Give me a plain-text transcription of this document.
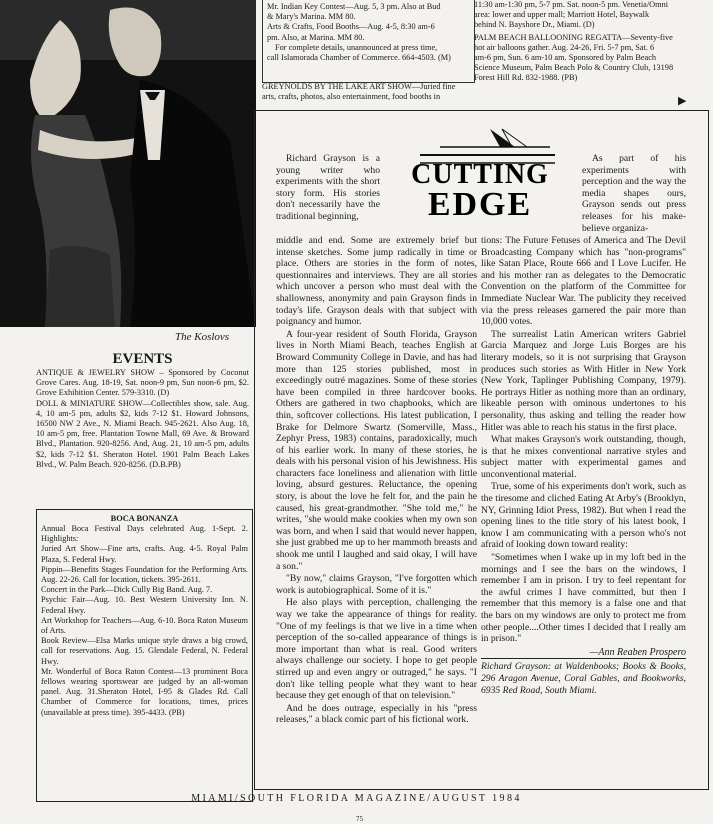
The Koslovs
Mr. Indian Key Contest—Aug. 5, 3 pm. Also at Bud
& Mary's Marina. MM 80.
Arts & Crafts, Food Booths—Aug. 4-5, 8:30 am-6
pm. Also, at Marina. MM 80.
For complete details, unannounced at press time,
call Islamorada Chamber of Commerce. 664-4503. (M)
GREYNOLDS BY THE LAKE ART SHOW—Juried fine
arts, crafts, photos, also entertainment, food booths in
11:30 am-1:30 pm, 5-7 pm. Sat. noon-5 pm. Venetia/Omni
area: lower and upper mall; Marriott Hotel, Baywalk
behind N. Bayshore Dr., Miami. (D)
PALM BEACH BALLOONING REGATTA—Seventy-five
hot air balloons gather. Aug. 24-26, Fri. 5-7 pm, Sat. 6
am-6 pm, Sun. 6 am-10 am. Sponsored by Palm Beach
Science Museum, Palm Beach Polo & Country Club, 13198
Forest Hill Rd. 832-1988. (PB)
▶
EVENTS

ANTIQUE & JEWELRY SHOW – Sponsored by Coconut Grove Cares. Aug. 18-19, Sat. noon-9 pm, Sun noon-6 pm, $2. Grove Exhibition Center. 579-3310. (D)

DOLL & MINIATURE SHOW—Collectibles show, sale. Aug. 4, 10 am-5 pm, adults $2, kids 7-12 $1. Howard Johnsons, 16500 NW 2 Ave., N. Miami Beach. 945-2621. Also Aug. 18, 10 am-5 pm, free. Plantation Towne Mall, 69 Ave. & Broward Blvd., Plantation. 920-8256. And, Aug. 21, 10 am-5 pm, adults $2, kids 7-12 $1. Sheraton Hotel. 1901 Palm Beach Lakes Blvd., W. Palm Beach. 920-8256. (D.B.PB)

BOCA BONANZA

Annual Boca Festival Days celebrated Aug. 1-Sept. 2. Highlights:

Juried Art Show—Fine arts, crafts. Aug. 4-5. Royal Palm Plaza, S. Federal Hwy.

Pippin—Benefits Stages Foundation for the Performing Arts. Aug. 22-26. Call for location, tickets. 395-2611.

Concert in the Park—Dick Cully Big Band. Aug. 7.

Psychic Fair—Aug. 10. Best Western University Inn. N. Federal Hwy.

Art Workshop for Teachers—Aug. 6-10. Boca Raton Museum of Arts.

Book Review—Elsa Marks unique style draws a big crowd, call for reservations. Aug. 15. Glendale Federal, N. Federal Hwy.

Mr. Wonderful of Boca Raton Contest—13 prominent Boca fellows wearing sportswear are judged by an all-woman panel. Aug. 31.Sheraton Hotel, I-95 & Glades Rd. Call Chamber of Commerce for locations, times, prices (unavailable at press time). 395-4433. (PB)

CUTTING
EDGE

Richard Grayson is a young writer who experiments with the short story form. His stories don't necessarily have the traditional beginning,

middle and end. Some are extremely brief but intense sketches. Some jump radically in time or place. Others are stories in the form of notes, questionnaires and interviews. They are all stories which uncover a person who must deal with the shallowness, anonymity and pain Grayson finds in today's life. Grayson deals with that subject with poignancy and humor.

A four-year resident of South Florida, Grayson lives in North Miami Beach, teaches English at Broward Community College in Davie, and has had more than 125 stories published, most in exceedingly outré magazines. Some of these stories have been compiled in three hardcover books. Others are gathered in two chapbooks, which are thin, softcover collections. His latest publication, I Brake for Delmore Swartz (Somerville, Mass., Zephyr Press, 1983) contains, paradoxically, much of his earlier work. In many of these stories, he deals with his personal vision of his Jewishness. His characters face loneliness and alienation with little loving, absurd gestures. Reluctance, the opening story, is about the love he felt for, and the pain he caused, his great-grandmother. "She told me," he writes, "she would make cookies when my own son was born, and when I said that would never happen, she just grabbed me up to her mammoth breasts and shook me until I laughed and said okay, I will have a son."

"By now," claims Grayson, "I've forgotten which work is autobiographical. Some of it is."

He also plays with perception, challenging the way we take the appearance of things for reality. "One of my feelings is that we live in a time when perception of the so-called appearance of things is more important than what is real. Good writers always challenge our society. I hope to get people stirred up and even angry or outraged," he says. "I don't like telling people what they want to hear because they get enough of that on television."

And he does outrage, especially in his "press releases," a black comic part of his fictional work.

As part of his experiments with perception and the way the media shapes ours, Grayson sends out press releases for his make-believe organiza-

tions: The Future Fetuses of America and The Devil Broadcasting Company which has "non-programs" like Satan Place, Route 666 and I Love Lucifer. He and his mother ran as delegates to the Democratic Convention on the platform of the Committee for Immediate Nuclear War. The publicity they received via the press releases garnered the pair more than 10,000 votes.

The surrealist Latin American writers Gabriel Garcia Marquez and Jorge Luis Borges are his literary models, so it is not surprising that Grayson produces such stories as With Hitler in New York (New York, Taplinger Publishing Company, 1979). He portrays Hitler as nothing more than an ordinary, likeable person with ominous undertones to his personality, thus asking and telling the reader how Hitler was able to reach his status in the first place.

What makes Grayson's work outstanding, though, is that he mixes conventional narrative styles and subject matter with experimental games and unconventional material.

True, some of his experiments don't work, such as the tiresome and cliched Eating At Arby's (Brooklyn, NY, Grinning Idiot Press, 1982). But when I read the opening lines to the title story of his latest book, I know I am communicating with a person who's not afraid of looking down toward reality:

"Sometimes when I wake up in my loft bed in the mornings and I see the bars on the windows, I remember I am in prison. I try to feel repentant for the awful crimes I have committed, but then I remember that this memory is a false one and that the bars on my windows are only to protect me from other people....Other times I decided that I really am in prison."

—Ann Reaben Prospero

Richard Grayson: at Waldenbooks; Books & Books, 296 Aragon Avenue, Coral Gables, and Bookworks, 6935 Red Road, South Miami.

MIAMI/SOUTH FLORIDA MAGAZINE/AUGUST 1984
75
